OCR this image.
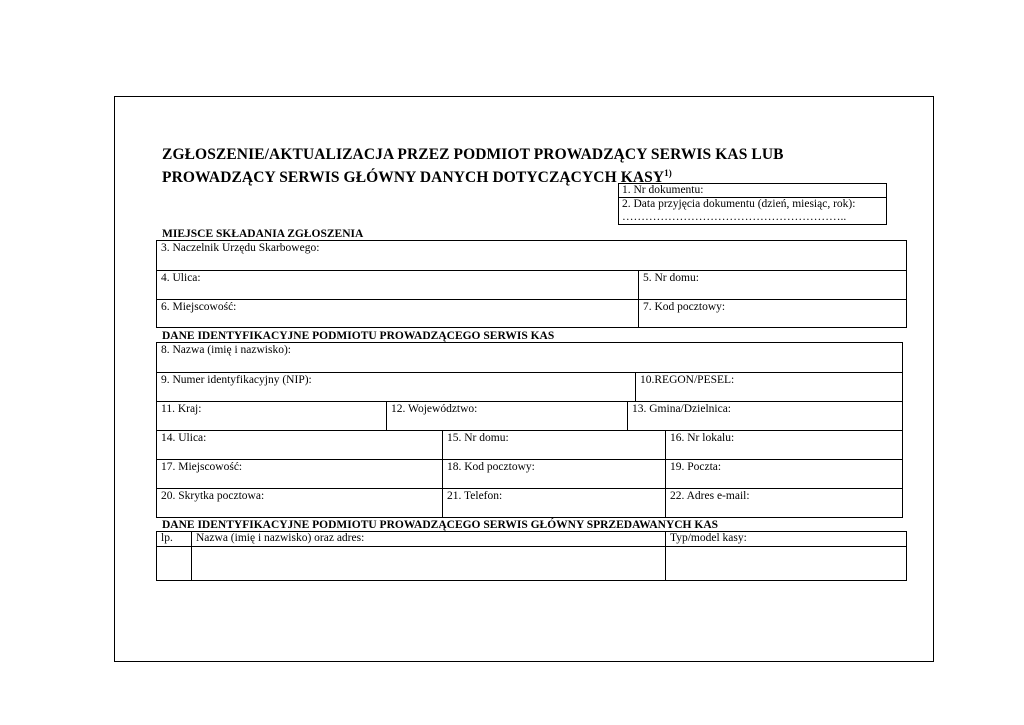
ZGŁOSZENIE/AKTUALIZACJA PRZEZ PODMIOT PROWADZĄCY SERWIS KAS LUB
PROWADZĄCY SERWIS GŁÓWNY DANYCH DOTYCZĄCYCH KASY$^{1)}$
1. Nr dokumentu:
2. Data przyjęcia dokumentu (dzień, miesiąc, rok):
…………………………………………………..
MIEJSCE SKŁADANIA ZGŁOSZENIA
3. Naczelnik Urzędu Skarbowego:
4. Ulica:	5. Nr domu:
6. Miejscowość:	7. Kod pocztowy:
DANE IDENTYFIKACYJNE PODMIOTU PROWADZĄCEGO SERWIS KAS
8. Nazwa (imię i nazwisko):
9. Numer identyfikacyjny (NIP):	10.REGON/PESEL:
11. Kraj:	12. Województwo:	13. Gmina/Dzielnica:
14. Ulica:	15. Nr domu:	16. Nr lokalu:
17. Miejscowość:	18. Kod pocztowy:	19. Poczta:
20. Skrytka pocztowa:	21. Telefon:	22. Adres e-mail:
DANE IDENTYFIKACYJNE PODMIOTU PROWADZĄCEGO SERWIS GŁÓWNY SPRZEDAWANYCH KAS
lp.	Nazwa (imię i nazwisko) oraz adres:	Typ/model kasy:
